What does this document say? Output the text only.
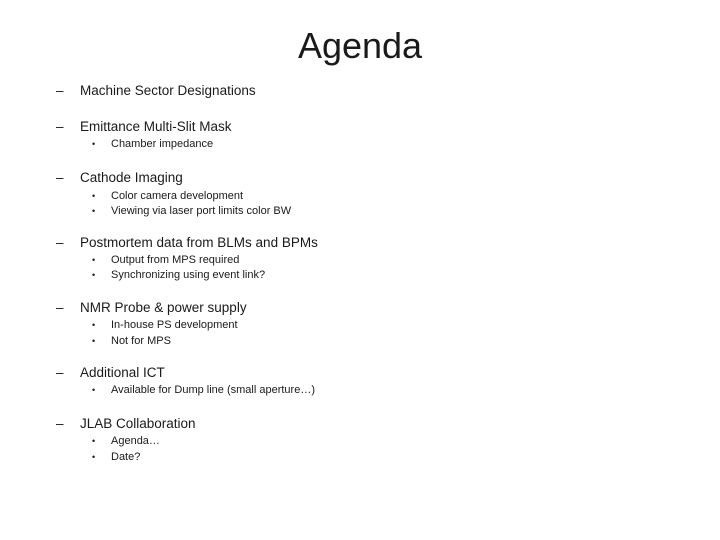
Agenda
– Machine Sector Designations
– Emittance Multi-Slit Mask
• Chamber impedance
– Cathode Imaging
• Color camera development
• Viewing via laser port limits color BW
– Postmortem data from BLMs and BPMs
• Output from MPS required
• Synchronizing using event link?
– NMR Probe & power supply
• In-house PS development
• Not for MPS
– Additional ICT
• Available for Dump line (small aperture…)
– JLAB Collaboration
• Agenda…
• Date?
